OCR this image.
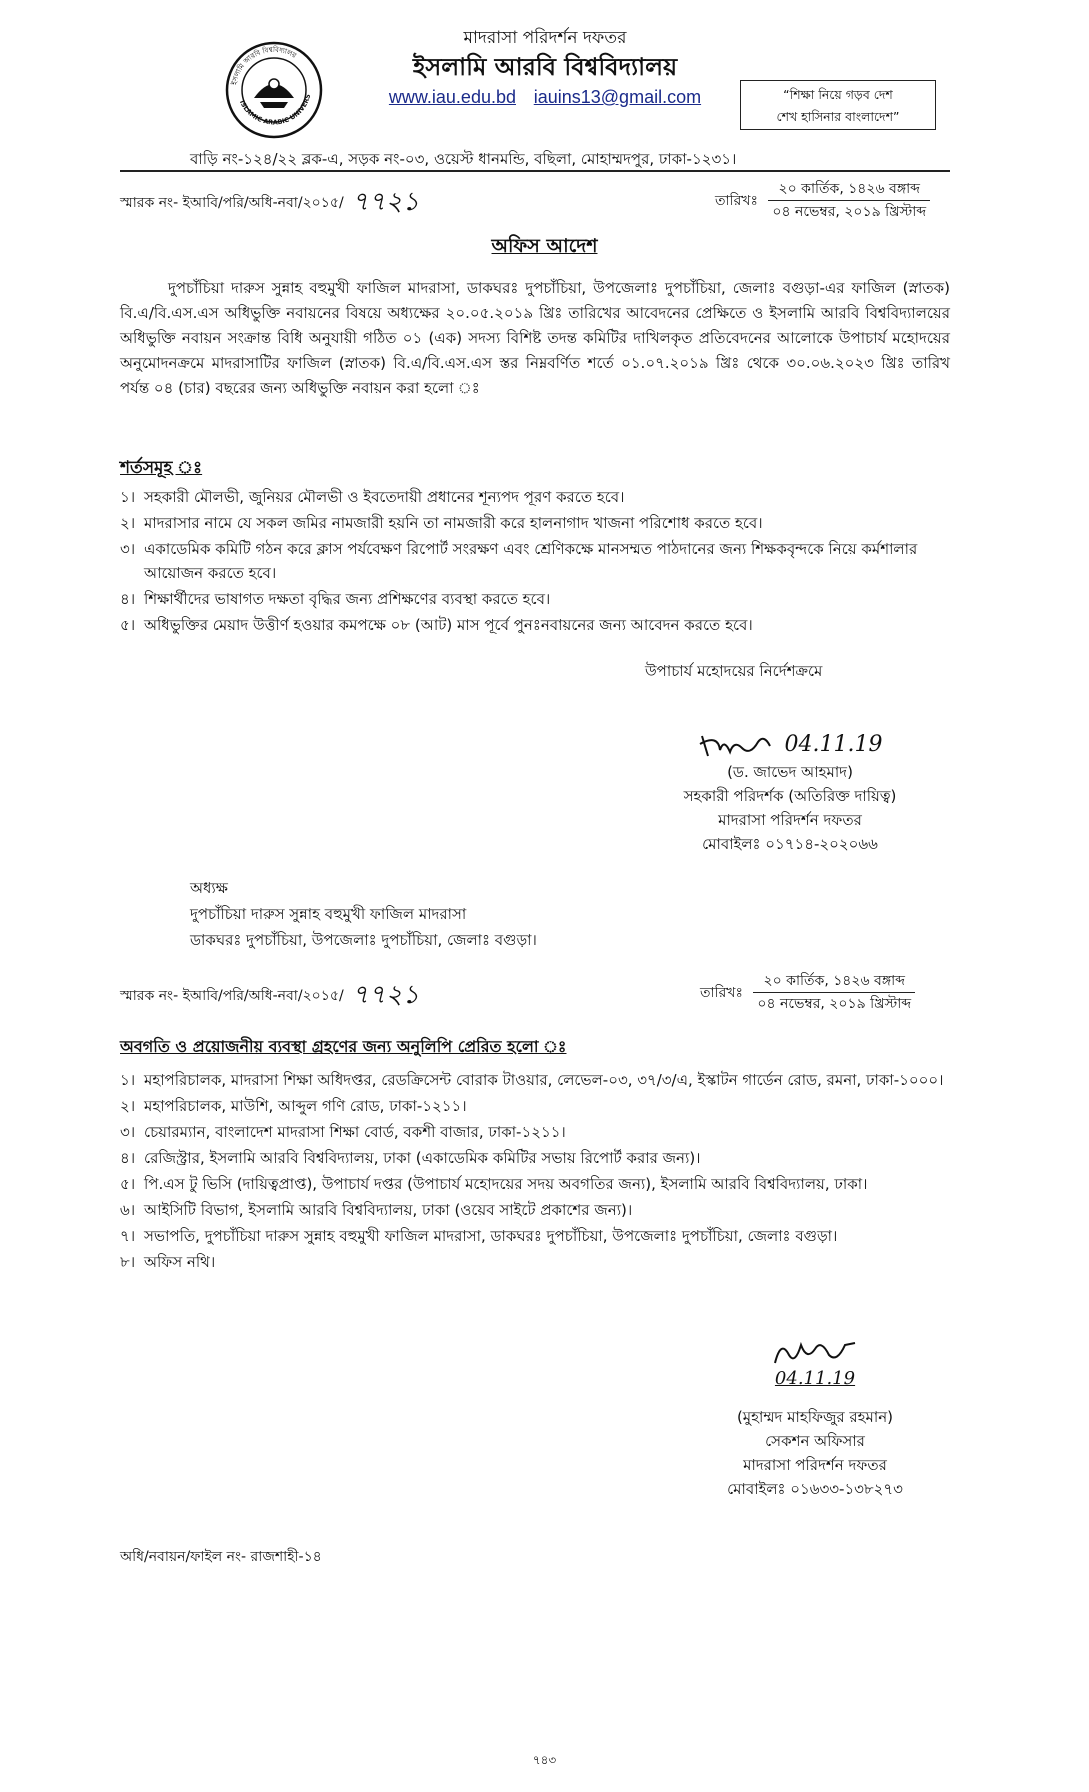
ইসলামি আরবি বিশ্ববিদ্যালয়
ISLAMIC ARABIC UNIVERS
মাদরাসা পরিদর্শন দফতর
ইসলামি আরবি বিশ্ববিদ্যালয়
www.iau.edu.bd iauins13@gmail.com	“শিক্ষা নিয়ে গড়ব দেশ
শেখ হাসিনার বাংলাদেশ”
বাড়ি নং-১২৪/২২ ব্লক-এ, সড়ক নং-০৩, ওয়েস্ট ধানমন্ডি, বছিলা, মোহাম্মদপুর, ঢাকা-১২৩১।
স্মারক নং- ইআবি/পরি/অধি-নবা/২০১৫/ ৭৭২১	তারিখঃ
২০ কার্তিক, ১৪২৬ বঙ্গাব্দ
০৪ নভেম্বর, ২০১৯ খ্রিস্টাব্দ
অফিস আদেশ
দুপচাঁচিয়া দারুস সুন্নাহ বহুমুখী ফাজিল মাদরাসা, ডাকঘরঃ দুপচাঁচিয়া, উপজেলাঃ দুপচাঁচিয়া, জেলাঃ বগুড়া-এর ফাজিল (স্নাতক) বি.এ/বি.এস.এস অধিভুক্তি নবায়নের বিষয়ে অধ্যক্ষের ২০.০৫.২০১৯ খ্রিঃ তারিখের আবেদনের প্রেক্ষিতে ও ইসলামি আরবি বিশ্ববিদ্যালয়ের অধিভুক্তি নবায়ন সংক্রান্ত বিধি অনুযায়ী গঠিত ০১ (এক) সদস্য বিশিষ্ট তদন্ত কমিটির দাখিলকৃত প্রতিবেদনের আলোকে উপাচার্য মহোদয়ের অনুমোদনক্রমে মাদরাসাটির ফাজিল (স্নাতক) বি.এ/বি.এস.এস স্তর নিম্নবর্ণিত শর্তে ০১.০৭.২০১৯ খ্রিঃ থেকে ৩০.০৬.২০২৩ খ্রিঃ তারিখ পর্যন্ত ০৪ (চার) বছরের জন্য অধিভুক্তি নবায়ন করা হলো ঃ
শর্তসমূহ ঃ
১। সহকারী মৌলভী, জুনিয়র মৌলভী ও ইবতেদায়ী প্রধানের শূন্যপদ পূরণ করতে হবে।
২। মাদরাসার নামে যে সকল জমির নামজারী হয়নি তা নামজারী করে হালনাগাদ খাজনা পরিশোধ করতে হবে।
৩। একাডেমিক কমিটি গঠন করে ক্লাস পর্যবেক্ষণ রিপোর্ট সংরক্ষণ এবং শ্রেণিকক্ষে মানসম্মত পাঠদানের জন্য শিক্ষকবৃন্দকে নিয়ে কর্মশালার আয়োজন করতে হবে।
৪। শিক্ষার্থীদের ভাষাগত দক্ষতা বৃদ্ধির জন্য প্রশিক্ষণের ব্যবস্থা করতে হবে।
৫। অধিভুক্তির মেয়াদ উত্তীর্ণ হওয়ার কমপক্ষে ০৮ (আট) মাস পূর্বে পুনঃনবায়নের জন্য আবেদন করতে হবে।
উপাচার্য মহোদয়ের নির্দেশক্রমে
04.11.19
(ড. জাভেদ আহমাদ)
সহকারী পরিদর্শক (অতিরিক্ত দায়িত্ব)
মাদরাসা পরিদর্শন দফতর
মোবাইলঃ ০১৭১৪-২০২০৬৬
অধ্যক্ষ
দুপচাঁচিয়া দারুস সুন্নাহ বহুমুখী ফাজিল মাদরাসা
ডাকঘরঃ দুপচাঁচিয়া, উপজেলাঃ দুপচাঁচিয়া, জেলাঃ বগুড়া।
স্মারক নং- ইআবি/পরি/অধি-নবা/২০১৫/ ৭৭২১	তারিখঃ
২০ কার্তিক, ১৪২৬ বঙ্গাব্দ
০৪ নভেম্বর, ২০১৯ খ্রিস্টাব্দ
অবগতি ও প্রয়োজনীয় ব্যবস্থা গ্রহণের জন্য অনুলিপি প্রেরিত হলো ঃ
১। মহাপরিচালক, মাদরাসা শিক্ষা অধিদপ্তর, রেডক্রিসেন্ট বোরাক টাওয়ার, লেভেল-০৩, ৩৭/৩/এ, ইস্কাটন গার্ডেন রোড, রমনা, ঢাকা-১০০০।
২। মহাপরিচালক, মাউশি, আব্দুল গণি রোড, ঢাকা-১২১১।
৩। চেয়ারম্যান, বাংলাদেশ মাদরাসা শিক্ষা বোর্ড, বকশী বাজার, ঢাকা-১২১১।
৪। রেজিস্ট্রার, ইসলামি আরবি বিশ্ববিদ্যালয়, ঢাকা (একাডেমিক কমিটির সভায় রিপোর্ট করার জন্য)।
৫। পি.এস টু ভিসি (দায়িত্বপ্রাপ্ত), উপাচার্য দপ্তর (উপাচার্য মহোদয়ের সদয় অবগতির জন্য), ইসলামি আরবি বিশ্ববিদ্যালয়, ঢাকা।
৬। আইসিটি বিভাগ, ইসলামি আরবি বিশ্ববিদ্যালয়, ঢাকা (ওয়েব সাইটে প্রকাশের জন্য)।
৭। সভাপতি, দুপচাঁচিয়া দারুস সুন্নাহ বহুমুখী ফাজিল মাদরাসা, ডাকঘরঃ দুপচাঁচিয়া, উপজেলাঃ দুপচাঁচিয়া, জেলাঃ বগুড়া।
৮। অফিস নথি।
04.11.19
(মুহাম্মদ মাহফিজুর রহমান)
সেকশন অফিসার
মাদরাসা পরিদর্শন দফতর
মোবাইলঃ ০১৬৩৩-১৩৮২৭৩
অধি/নবায়ন/ফাইল নং- রাজশাহী-১৪
৭৪৩
